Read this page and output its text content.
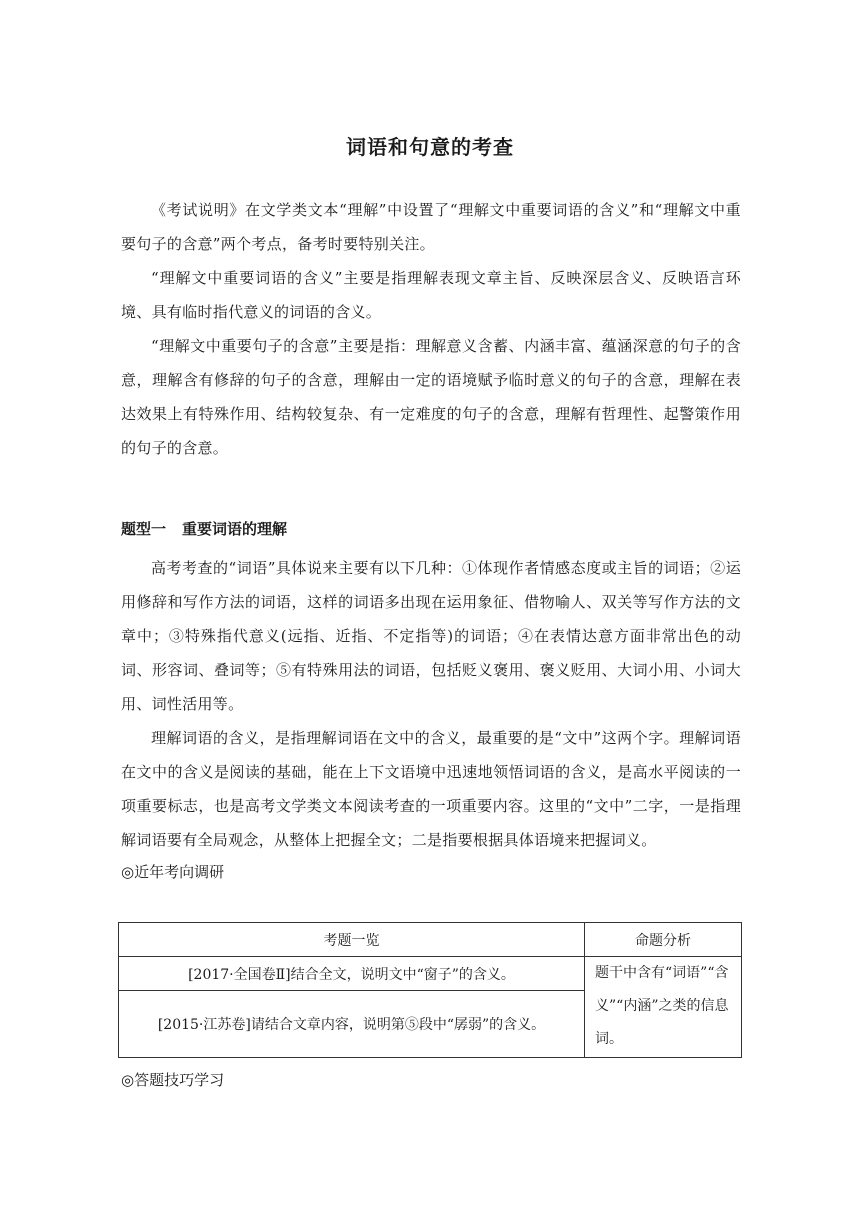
词语和句意的考查

《考试说明》在文学类文本“理解”中设置了“理解文中重要词语的含义”和“理解文中重要句子的含意”两个考点，备考时要特别关注。

“理解文中重要词语的含义”主要是指理解表现文章主旨、反映深层含义、反映语言环境、具有临时指代意义的词语的含义。

“理解文中重要句子的含意”主要是指：理解意义含蓄、内涵丰富、蕴涵深意的句子的含意，理解含有修辞的句子的含意，理解由一定的语境赋予临时意义的句子的含意，理解在表达效果上有特殊作用、结构较复杂、有一定难度的句子的含意，理解有哲理性、起警策作用的句子的含意。

题型一 重要词语的理解

高考考查的“词语”具体说来主要有以下几种：①体现作者情感态度或主旨的词语；②运用修辞和写作方法的词语，这样的词语多出现在运用象征、借物喻人、双关等写作方法的文章中；③特殊指代意义(远指、近指、不定指等)的词语；④在表情达意方面非常出色的动词、形容词、叠词等；⑤有特殊用法的词语，包括贬义褒用、褒义贬用、大词小用、小词大用、词性活用等。

理解词语的含义，是指理解词语在文中的含义，最重要的是“文中”这两个字。理解词语在文中的含义是阅读的基础，能在上下文语境中迅速地领悟词语的含义，是高水平阅读的一项重要标志，也是高考文学类文本阅读考查的一项重要内容。这里的“文中”二字，一是指理解词语要有全局观念，从整体上把握全文；二是指要根据具体语境来把握词义。

◎近年考向调研

考题一览	命题分析
[2017·全国卷Ⅱ]结合全文，说明文中“窗子”的含义。	题干中含有“词语”“含义”“内涵”之类的信息词。
[2015·江苏卷]请结合文章内容，说明第⑤段中“孱弱”的含义。	

◎答题技巧学习
